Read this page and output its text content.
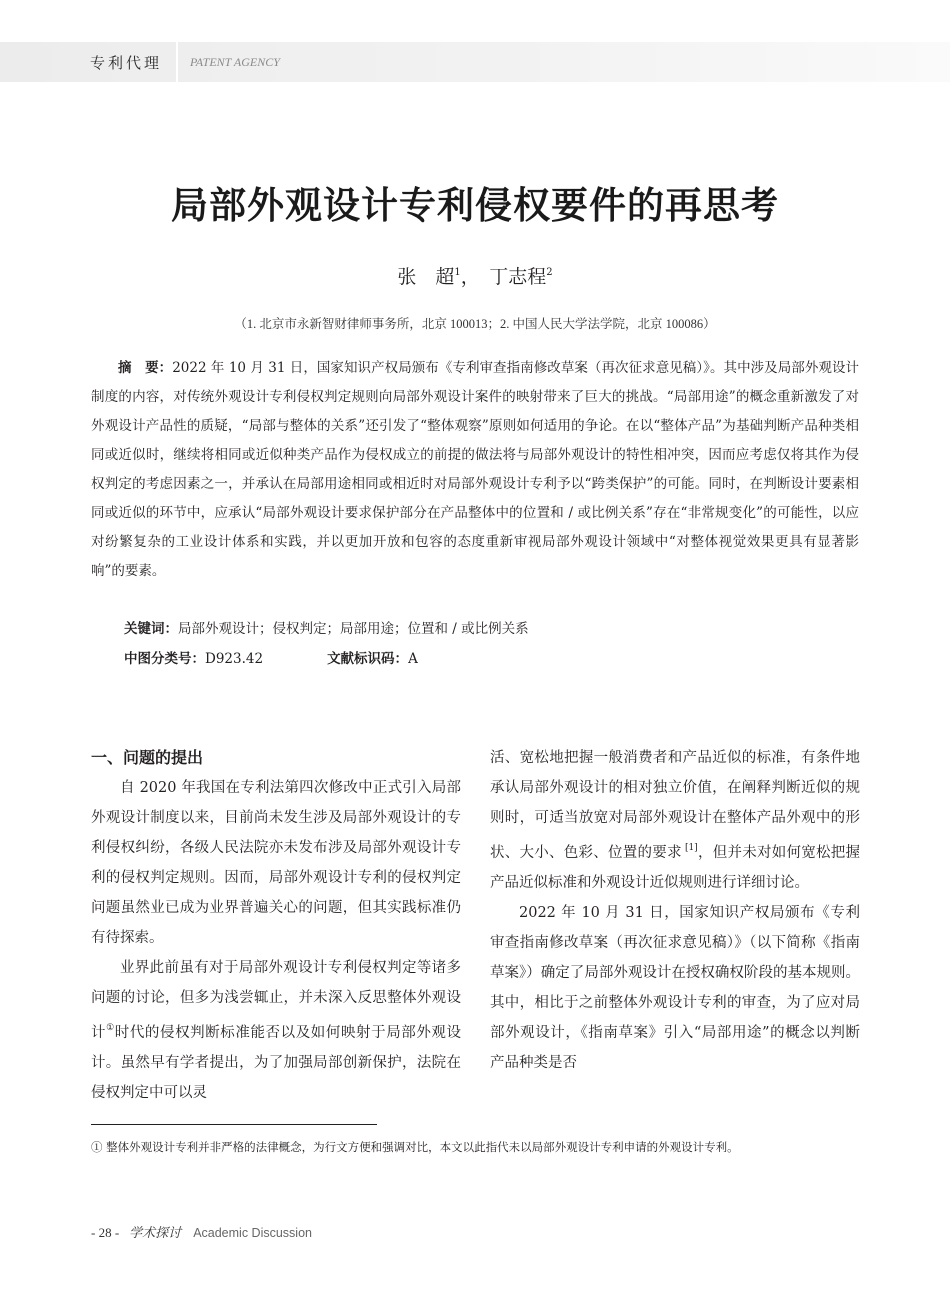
专利代理 PATENT AGENCY
局部外观设计专利侵权要件的再思考
张　超$^1$，　丁志程$^2$
（1. 北京市永新智财律师事务所，北京 100013；2. 中国人民大学法学院，北京 100086）
摘　要：2022 年 10 月 31 日，国家知识产权局颁布《专利审查指南修改草案（再次征求意见稿）》。其中涉及局部外观设计制度的内容，对传统外观设计专利侵权判定规则向局部外观设计案件的映射带来了巨大的挑战。“局部用途”的概念重新激发了对外观设计产品性的质疑，“局部与整体的关系”还引发了“整体观察”原则如何适用的争论。在以“整体产品”为基础判断产品种类相同或近似时，继续将相同或近似种类产品作为侵权成立的前提的做法将与局部外观设计的特性相冲突，因而应考虑仅将其作为侵权判定的考虑因素之一，并承认在局部用途相同或相近时对局部外观设计专利予以“跨类保护”的可能。同时，在判断设计要素相同或近似的环节中，应承认“局部外观设计要求保护部分在产品整体中的位置和 / 或比例关系”存在“非常规变化”的可能性，以应对纷繁复杂的工业设计体系和实践，并以更加开放和包容的态度重新审视局部外观设计领域中“对整体视觉效果更具有显著影响”的要素。
关键词：局部外观设计；侵权判定；局部用途；位置和 / 或比例关系
中图分类号：D923.42	文献标识码：A
一、问题的提出

自 2020 年我国在专利法第四次修改中正式引入局部外观设计制度以来，目前尚未发生涉及局部外观设计的专利侵权纠纷，各级人民法院亦未发布涉及局部外观设计专利的侵权判定规则。因而，局部外观设计专利的侵权判定问题虽然业已成为业界普遍关心的问题，但其实践标准仍有待探索。

业界此前虽有对于局部外观设计专利侵权判定等诸多问题的讨论，但多为浅尝辄止，并未深入反思整体外观设计①时代的侵权判断标准能否以及如何映射于局部外观设计。虽然早有学者提出，为了加强局部创新保护，法院在侵权判定中可以灵

活、宽松地把握一般消费者和产品近似的标准，有条件地承认局部外观设计的相对独立价值，在阐释判断近似的规则时，可适当放宽对局部外观设计在整体产品外观中的形状、大小、色彩、位置的要求 [1]，但并未对如何宽松把握产品近似标准和外观设计近似规则进行详细讨论。

2022 年 10 月 31 日，国家知识产权局颁布《专利审查指南修改草案（再次征求意见稿）》（以下简称《指南草案》）确定了局部外观设计在授权确权阶段的基本规则。其中，相比于之前整体外观设计专利的审查，为了应对局部外观设计，《指南草案》引入“局部用途”的概念以判断产品种类是否

① 整体外观设计专利并非严格的法律概念，为行文方便和强调对比，本文以此指代未以局部外观设计专利申请的外观设计专利。
- 28 - 学术探讨 Academic Discussion
